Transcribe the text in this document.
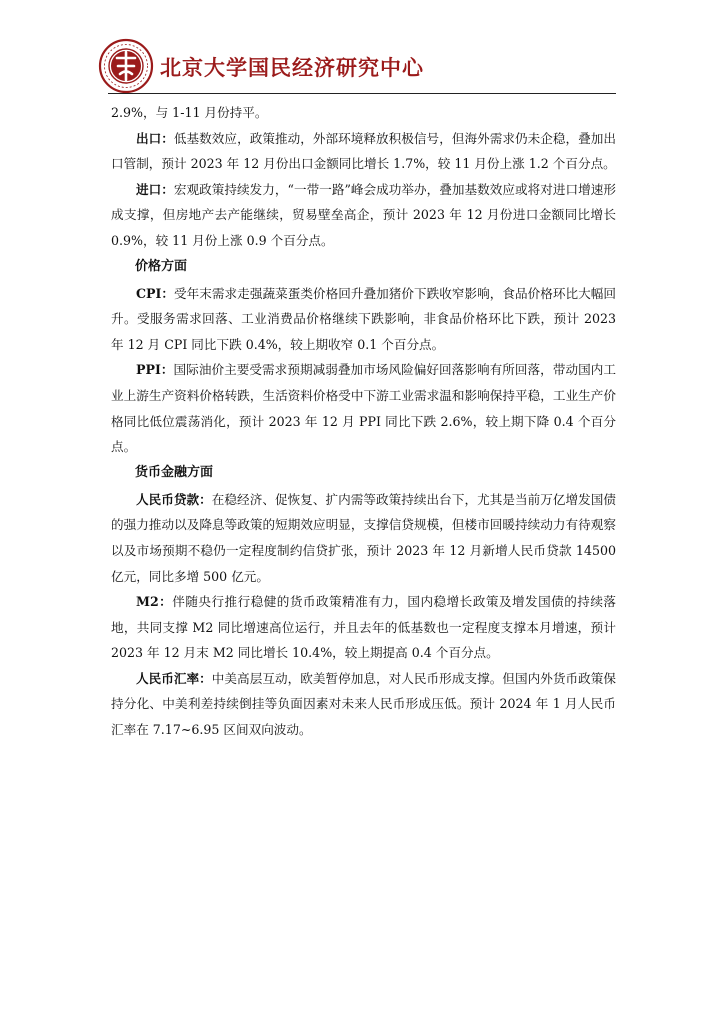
北京大学国民经济研究中心

2.9%，与 1-11 月份持平。

出口：低基数效应，政策推动，外部环境释放积极信号，但海外需求仍未企稳，叠加出口管制，预计 2023 年 12 月份出口金额同比增长 1.7%，较 11 月份上涨 1.2 个百分点。

进口：宏观政策持续发力，“一带一路”峰会成功举办，叠加基数效应或将对进口增速形成支撑，但房地产去产能继续，贸易壁垒高企，预计 2023 年 12 月份进口金额同比增长 0.9%，较 11 月份上涨 0.9 个百分点。

价格方面

CPI：受年末需求走强蔬菜蛋类价格回升叠加猪价下跌收窄影响，食品价格环比大幅回升。受服务需求回落、工业消费品价格继续下跌影响，非食品价格环比下跌，预计 2023 年 12 月 CPI 同比下跌 0.4%，较上期收窄 0.1 个百分点。

PPI：国际油价主要受需求预期减弱叠加市场风险偏好回落影响有所回落，带动国内工业上游生产资料价格转跌，生活资料价格受中下游工业需求温和影响保持平稳，工业生产价格同比低位震荡消化，预计 2023 年 12 月 PPI 同比下跌 2.6%，较上期下降 0.4 个百分点。

货币金融方面

人民币贷款：在稳经济、促恢复、扩内需等政策持续出台下，尤其是当前万亿增发国债的强力推动以及降息等政策的短期效应明显，支撑信贷规模，但楼市回暖持续动力有待观察以及市场预期不稳仍一定程度制约信贷扩张，预计 2023 年 12 月新增人民币贷款 14500 亿元，同比多增 500 亿元。

M2：伴随央行推行稳健的货币政策精准有力，国内稳增长政策及增发国债的持续落地，共同支撑 M2 同比增速高位运行，并且去年的低基数也一定程度支撑本月增速，预计 2023 年 12 月末 M2 同比增长 10.4%，较上期提高 0.4 个百分点。

人民币汇率：中美高层互动，欧美暂停加息，对人民币形成支撑。但国内外货币政策保持分化、中美利差持续倒挂等负面因素对未来人民币形成压低。预计 2024 年 1 月人民币汇率在 7.17~6.95 区间双向波动。
